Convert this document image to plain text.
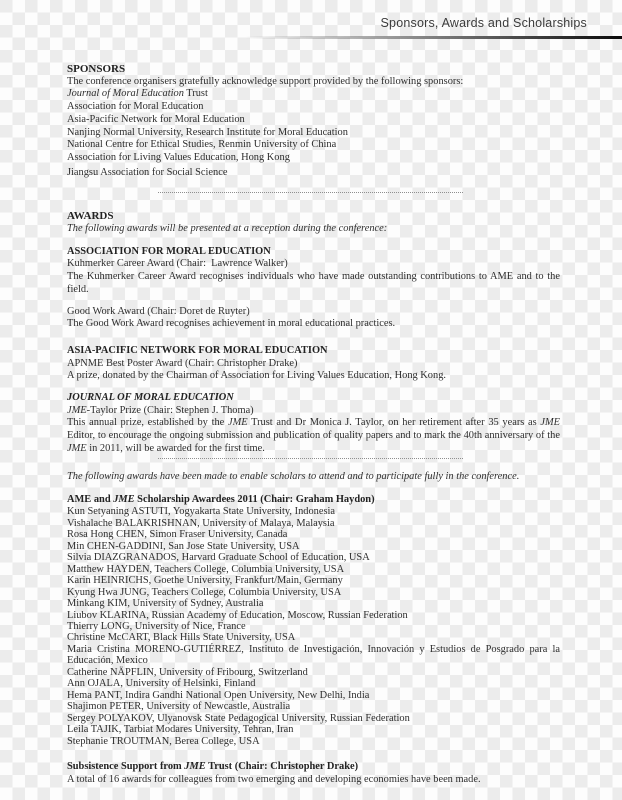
Sponsors, Awards and Scholarships
SPONSORS
The conference organisers gratefully acknowledge support provided by the following sponsors:
Journal of Moral Education Trust
Association for Moral Education
Asia-Pacific Network for Moral Education
Nanjing Normal University, Research Institute for Moral Education
National Centre for Ethical Studies, Renmin University of China
Association for Living Values Education, Hong Kong
Jiangsu Association for Social Science
AWARDS
The following awards will be presented at a reception during the conference:
ASSOCIATION FOR MORAL EDUCATION
Kuhmerker Career Award (Chair:  Lawrence Walker)
The Kuhmerker Career Award recognises individuals who have made outstanding contributions to AME and to the field.
Good Work Award (Chair: Doret de Ruyter)
The Good Work Award recognises achievement in moral educational practices.
ASIA-PACIFIC NETWORK FOR MORAL EDUCATION
APNME Best Poster Award (Chair: Christopher Drake)
A prize, donated by the Chairman of Association for Living Values Education, Hong Kong.
JOURNAL OF MORAL EDUCATION
JME-Taylor Prize (Chair: Stephen J. Thoma)
This annual prize, established by the JME Trust and Dr Monica J. Taylor, on her retirement after 35 years as JME Editor, to encourage the ongoing submission and publication of quality papers and to mark the 40th anniversary of the JME in 2011, will be awarded for the first time.
The following awards have been made to enable scholars to attend and to participate fully in the conference.
AME and JME Scholarship Awardees 2011 (Chair: Graham Haydon)
Kun Setyaning ASTUTI, Yogyakarta State University, Indonesia
Vishalache BALAKRISHNAN, University of Malaya, Malaysia
Rosa Hong CHEN, Simon Fraser University, Canada
Min CHEN-GADDINI, San Jose State University, USA
Silvia DIAZGRANADOS, Harvard Graduate School of Education, USA
Matthew HAYDEN, Teachers College, Columbia University, USA
Karin HEINRICHS, Goethe University, Frankfurt/Main, Germany
Kyung Hwa JUNG, Teachers College, Columbia University, USA
Minkang KIM, University of Sydney, Australia
Liubov KLARINA, Russian Academy of Education, Moscow, Russian Federation
Thierry LONG, University of Nice, France
Christine McCART, Black Hills State University, USA
Maria Cristina MORENO-GUTIÉRREZ, Instituto de Investigación, Innovación y Estudios de Posgrado para la Educación, Mexico
Catherine NÄPFLIN, University of Fribourg, Switzerland
Ann OJALA, University of Helsinki, Finland
Hema PANT, Indira Gandhi National Open University, New Delhi, India
Shajimon PETER, University of Newcastle, Australia
Sergey POLYAKOV, Ulyanovsk State Pedagogical University, Russian Federation
Leila TAJIK, Tarbiat Modares University, Tehran, Iran
Stephanie TROUTMAN, Berea College, USA
Subsistence Support from JME Trust (Chair: Christopher Drake)
A total of 16 awards for colleagues from two emerging and developing economies have been made.
